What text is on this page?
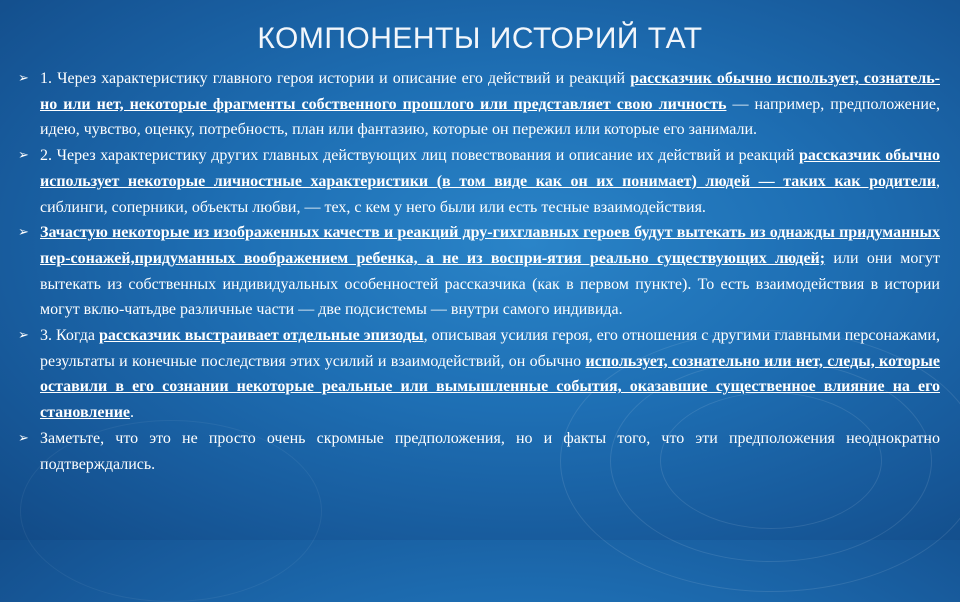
КОМПОНЕНТЫ ИСТОРИЙ ТАТ
➢ 1. Через характеристику главного героя истории и описание его действий и реакций рассказчик обычно использует, сознатель-но или нет, некоторые фрагменты собственного прошлого или представляет свою личность — например, предположение, идею, чувство, оценку, потребность, план или фантазию, которые он пережил или которые его занимали.
➢ 2. Через характеристику других главных действующих лиц повествования и описание их действий и реакций рассказчик обычно использует некоторые личностные характеристики (в том виде как он их понимает) людей — таких как родители, сиблинги, соперники, объекты любви, — тех, с кем у него были или есть тесные взаимодействия.
➢ Зачастую некоторые из изображенных качеств и реакций дру-гихглавных героев будут вытекать из однажды придуманных пер-сонажей,придуманных воображением ребенка, а не из воспри-ятия реально существующих людей; или они могут вытекать из собственных индивидуальных особенностей рассказчика (как в первом пункте). То есть взаимодействия в истории могут вклю-чатьдве различные части — две подсистемы — внутри самого индивида.
➢ 3. Когда рассказчик выстраивает отдельные эпизоды, описывая усилия героя, его отношения с другими главными персонажами, результаты и конечные последствия этих усилий и взаимодействий, он обычно использует, сознательно или нет, следы, которые оставили в его сознании некоторые реальные или вымышленные события, оказавшие существенное влияние на его становление.
➢ Заметьте, что это не просто очень скромные предположения, но и факты того, что эти предположения неоднократно подтверждались.
